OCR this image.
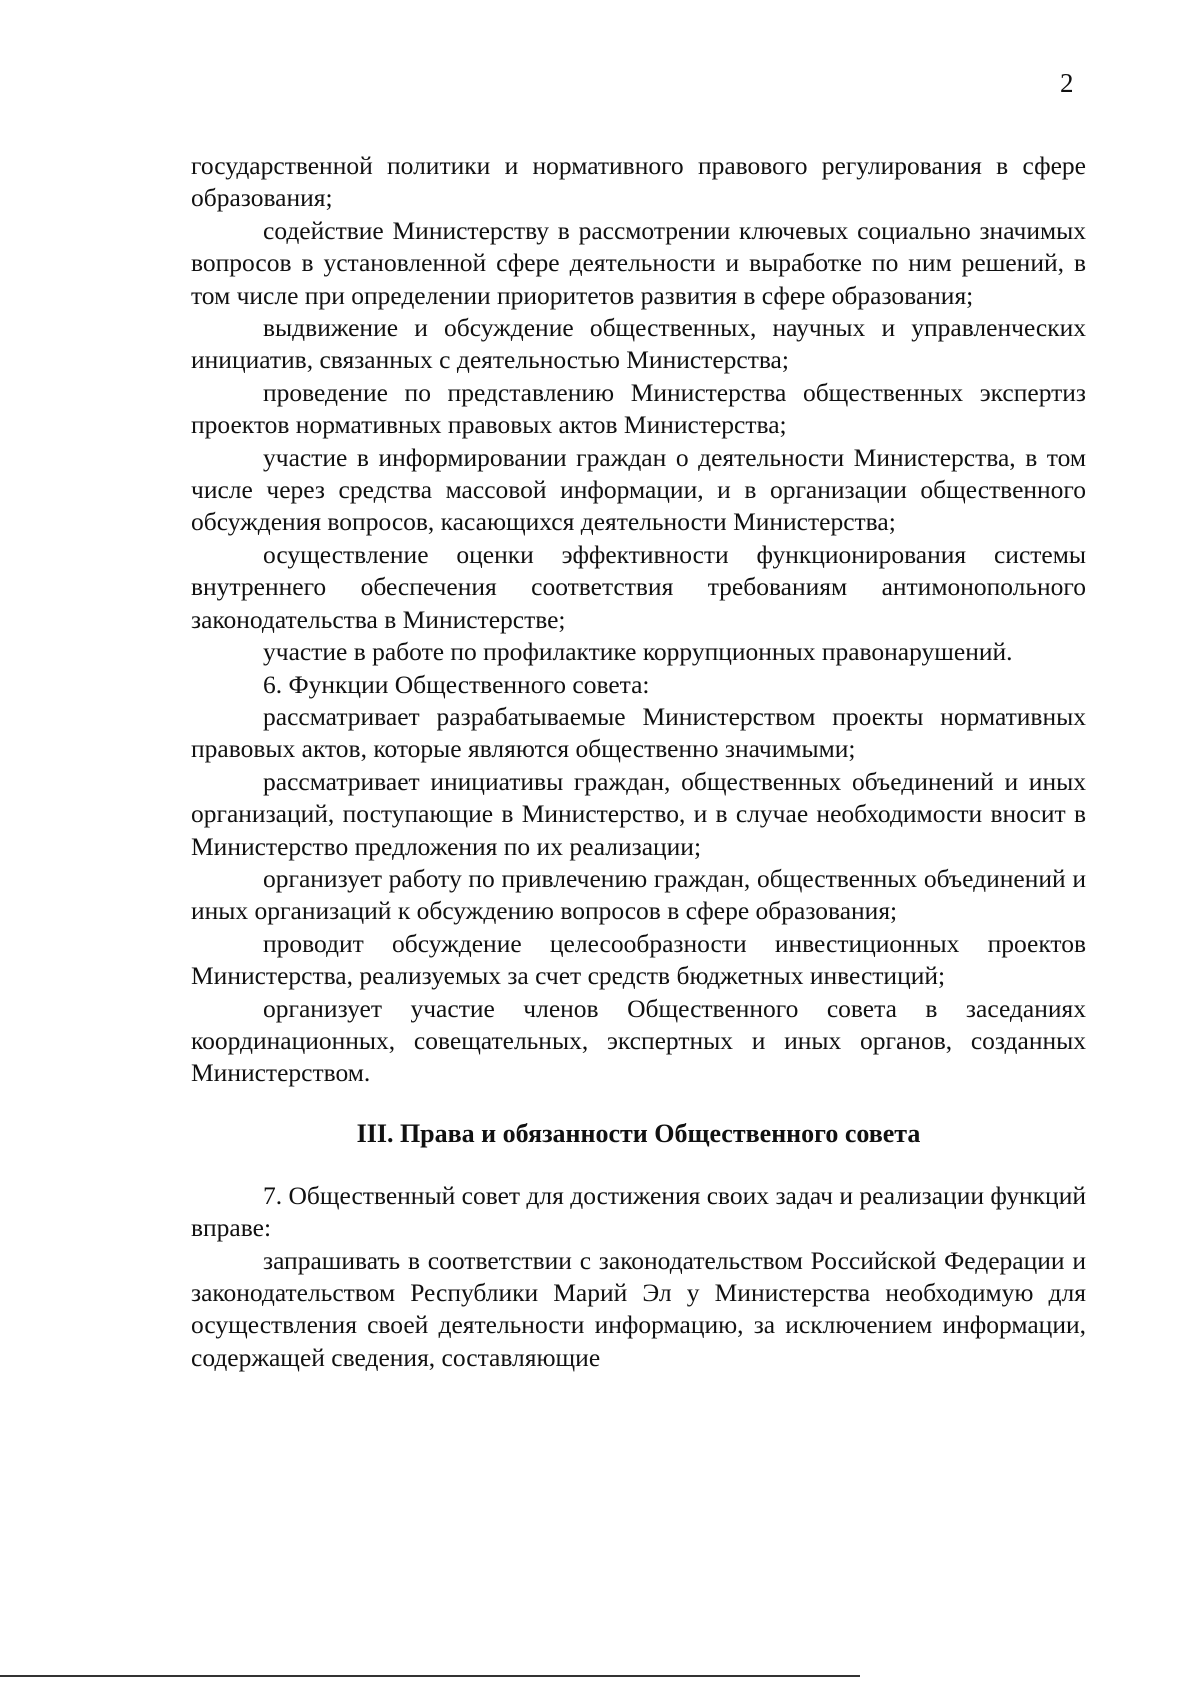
2

государственной политики и нормативного правового регулирования в сфере образования;

содействие Министерству в рассмотрении ключевых социально значимых вопросов в установленной сфере деятельности и выработке по ним решений, в том числе при определении приоритетов развития в сфере образования;

выдвижение и обсуждение общественных, научных и управленческих инициатив, связанных с деятельностью Министерства;

проведение по представлению Министерства общественных экспертиз проектов нормативных правовых актов Министерства;

участие в информировании граждан о деятельности Министерства, в том числе через средства массовой информации, и в организации общественного обсуждения вопросов, касающихся деятельности Министерства;

осуществление оценки эффективности функционирования системы внутреннего обеспечения соответствия требованиям антимонопольного законодательства в Министерстве;

участие в работе по профилактике коррупционных правонарушений.

6. Функции Общественного совета:

рассматривает разрабатываемые Министерством проекты нормативных правовых актов, которые являются общественно значимыми;

рассматривает инициативы граждан, общественных объединений и иных организаций, поступающие в Министерство, и в случае необходимости вносит в Министерство предложения по их реализации;

организует работу по привлечению граждан, общественных объединений и иных организаций к обсуждению вопросов в сфере образования;

проводит обсуждение целесообразности инвестиционных проектов Министерства, реализуемых за счет средств бюджетных инвестиций;

организует участие членов Общественного совета в заседаниях координационных, совещательных, экспертных и иных органов, созданных Министерством.

III. Права и обязанности Общественного совета

7. Общественный совет для достижения своих задач и реализации функций вправе:

запрашивать в соответствии с законодательством Российской Федерации и законодательством Республики Марий Эл у Министерства необходимую для осуществления своей деятельности информацию, за исключением информации, содержащей сведения, составляющие
